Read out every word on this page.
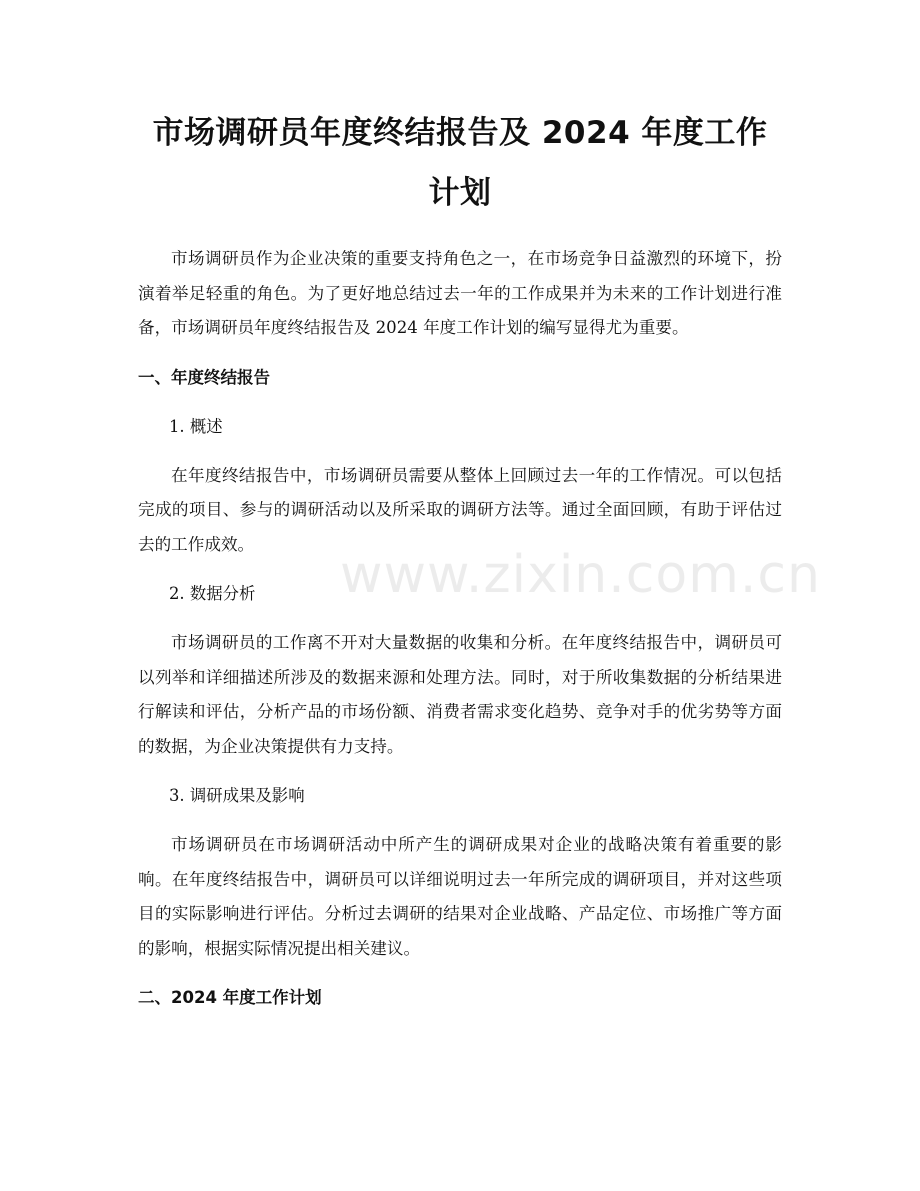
市场调研员年度终结报告及 2024 年度工作计划

市场调研员作为企业决策的重要支持角色之一，在市场竞争日益激烈的环境下，扮演着举足轻重的角色。为了更好地总结过去一年的工作成果并为未来的工作计划进行准备，市场调研员年度终结报告及 2024 年度工作计划的编写显得尤为重要。

一、年度终结报告
1. 概述

在年度终结报告中，市场调研员需要从整体上回顾过去一年的工作情况。可以包括完成的项目、参与的调研活动以及所采取的调研方法等。通过全面回顾，有助于评估过去的工作成效。

2. 数据分析

市场调研员的工作离不开对大量数据的收集和分析。在年度终结报告中，调研员可以列举和详细描述所涉及的数据来源和处理方法。同时，对于所收集数据的分析结果进行解读和评估，分析产品的市场份额、消费者需求变化趋势、竞争对手的优劣势等方面的数据，为企业决策提供有力支持。

3. 调研成果及影响

市场调研员在市场调研活动中所产生的调研成果对企业的战略决策有着重要的影响。在年度终结报告中，调研员可以详细说明过去一年所完成的调研项目，并对这些项目的实际影响进行评估。分析过去调研的结果对企业战略、产品定位、市场推广等方面的影响，根据实际情况提出相关建议。

二、2024 年度工作计划
www.zixin.com.cn
